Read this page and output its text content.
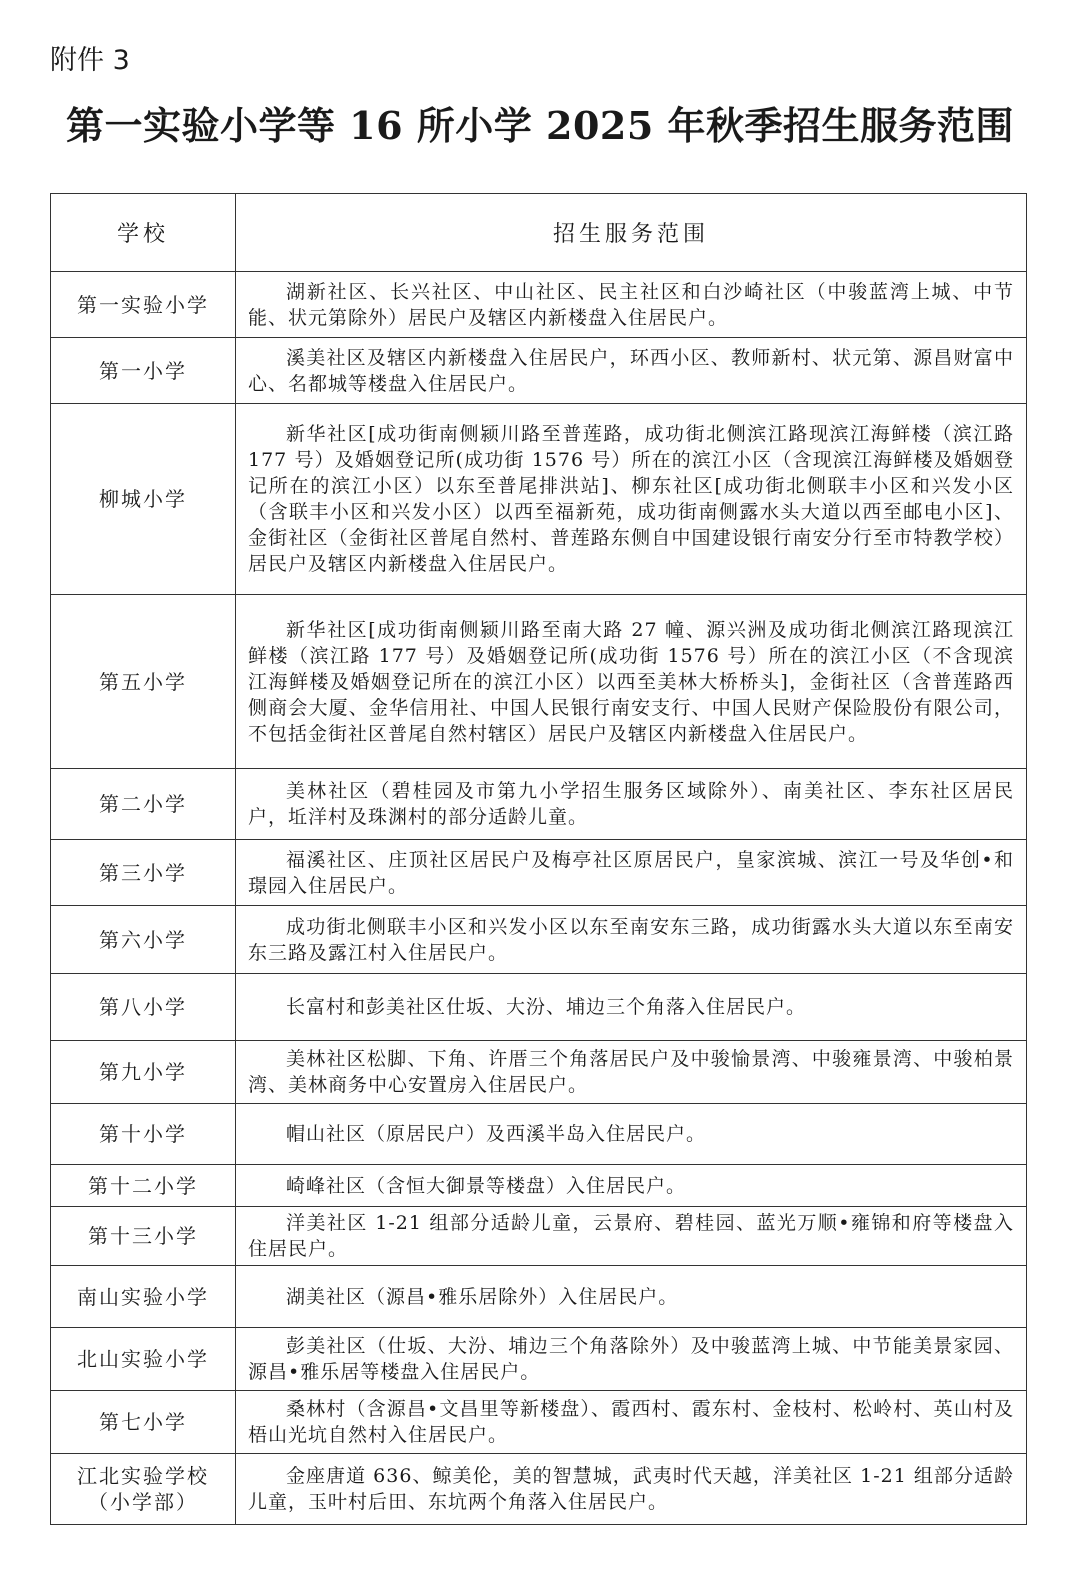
附件 3
第一实验小学等 16 所小学 2025 年秋季招生服务范围
学校	招生服务范围
第一实验小学	湖新社区、长兴社区、中山社区、民主社区和白沙崎社区（中骏蓝湾上城、中节能、状元第除外）居民户及辖区内新楼盘入住居民户。
第一小学	溪美社区及辖区内新楼盘入住居民户，环西小区、教师新村、状元第、源昌财富中心、名都城等楼盘入住居民户。
柳城小学	新华社区[成功街南侧颍川路至普莲路，成功街北侧滨江路现滨江海鲜楼（滨江路 177 号）及婚姻登记所(成功街 1576 号）所在的滨江小区（含现滨江海鲜楼及婚姻登记所在的滨江小区）以东至普尾排洪站]、柳东社区[成功街北侧联丰小区和兴发小区（含联丰小区和兴发小区）以西至福新苑，成功街南侧露水头大道以西至邮电小区]、金街社区（金街社区普尾自然村、普莲路东侧自中国建设银行南安分行至市特教学校）居民户及辖区内新楼盘入住居民户。
第五小学	新华社区[成功街南侧颍川路至南大路 27 幢、源兴洲及成功街北侧滨江路现滨江鲜楼（滨江路 177 号）及婚姻登记所(成功街 1576 号）所在的滨江小区（不含现滨江海鲜楼及婚姻登记所在的滨江小区）以西至美林大桥桥头]，金街社区（含普莲路西侧商会大厦、金华信用社、中国人民银行南安支行、中国人民财产保险股份有限公司，不包括金街社区普尾自然村辖区）居民户及辖区内新楼盘入住居民户。
第二小学	美林社区（碧桂园及市第九小学招生服务区域除外）、南美社区、李东社区居民户，坵洋村及珠渊村的部分适龄儿童。
第三小学	福溪社区、庄顶社区居民户及梅亭社区原居民户，皇家滨城、滨江一号及华创•和璟园入住居民户。
第六小学	成功街北侧联丰小区和兴发小区以东至南安东三路，成功街露水头大道以东至南安东三路及露江村入住居民户。
第八小学	长富村和彭美社区仕坂、大汾、埔边三个角落入住居民户。
第九小学	美林社区松脚、下角、许厝三个角落居民户及中骏愉景湾、中骏雍景湾、中骏柏景湾、美林商务中心安置房入住居民户。
第十小学	帽山社区（原居民户）及西溪半岛入住居民户。
第十二小学	崎峰社区（含恒大御景等楼盘）入住居民户。
第十三小学	洋美社区 1-21 组部分适龄儿童，云景府、碧桂园、蓝光万顺•雍锦和府等楼盘入住居民户。
南山实验小学	湖美社区（源昌•雅乐居除外）入住居民户。
北山实验小学	彭美社区（仕坂、大汾、埔边三个角落除外）及中骏蓝湾上城、中节能美景家园、源昌•雅乐居等楼盘入住居民户。
第七小学	桑林村（含源昌•文昌里等新楼盘）、霞西村、霞东村、金枝村、松岭村、英山村及梧山光坑自然村入住居民户。
江北实验学校（小学部）	金座唐道 636、鲸美伦，美的智慧城，武夷时代天越，洋美社区 1-21 组部分适龄儿童，玉叶村后田、东坑两个角落入住居民户。
